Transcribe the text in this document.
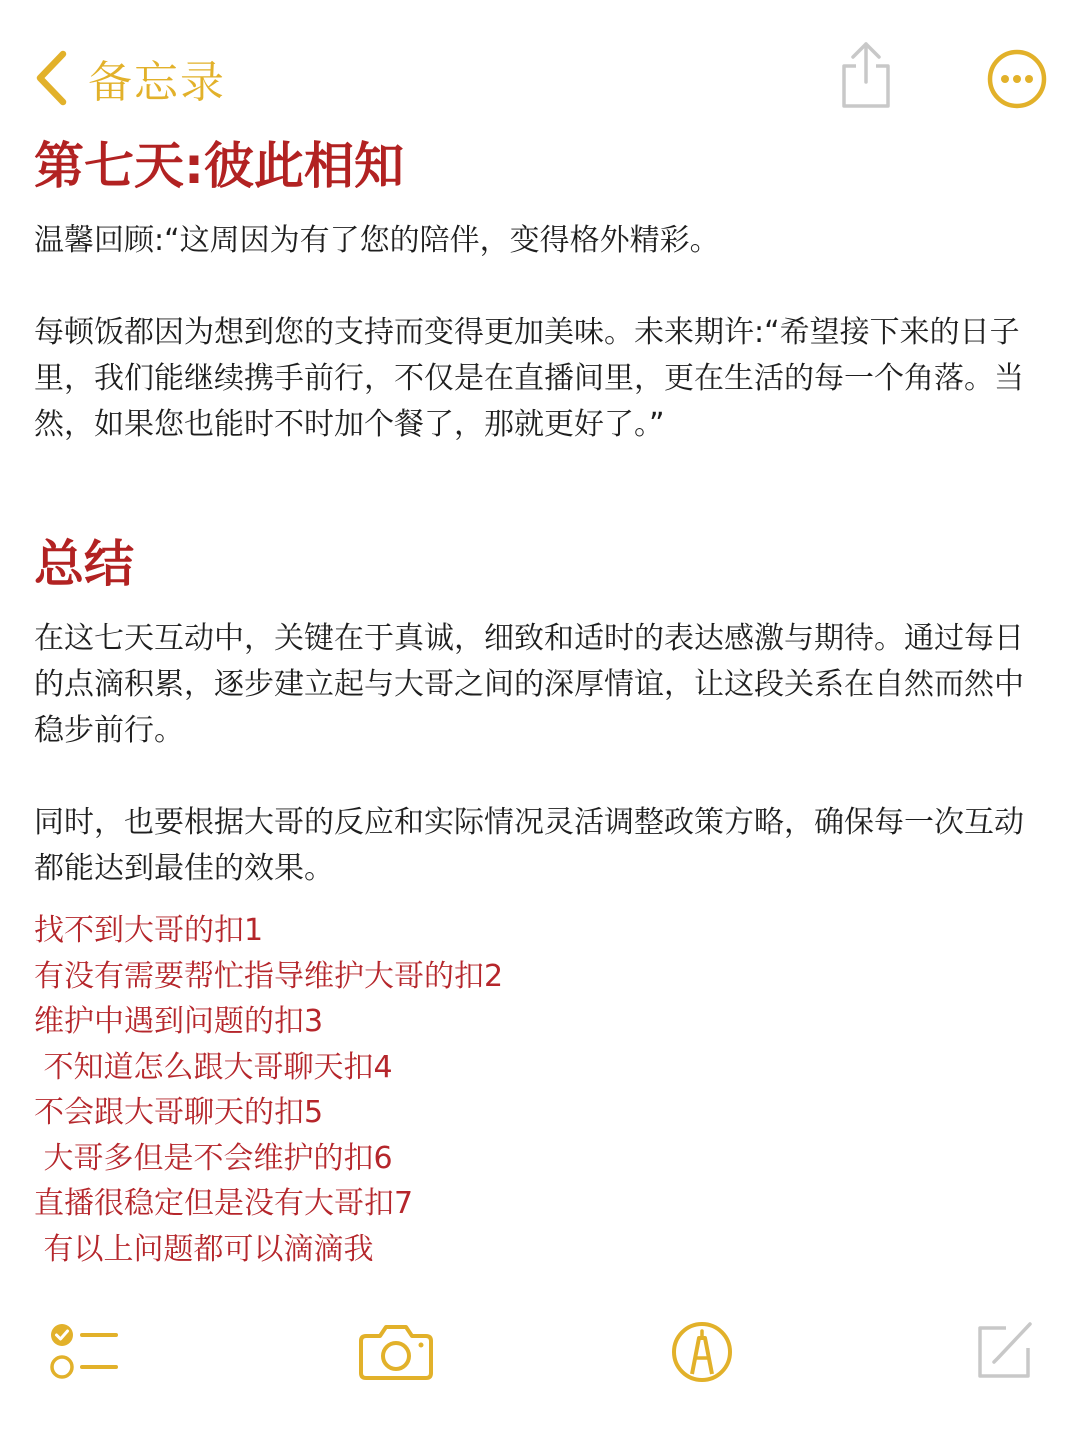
备忘录
第七天:彼此相知

温馨回顾:“这周因为有了您的陪伴，变得格外精彩。

每顿饭都因为想到您的支持而变得更加美味。未来期许:“希望接下来的日子里，我们能继续携手前行，不仅是在直播间里，更在生活的每一个角落。当然，如果您也能时不时加个餐了，那就更好了。”

总结

在这七天互动中，关键在于真诚，细致和适时的表达感激与期待。通过每日的点滴积累，逐步建立起与大哥之间的深厚情谊，让这段关系在自然而然中稳步前行。

同时，也要根据大哥的反应和实际情况灵活调整政策方略，确保每一次互动都能达到最佳的效果。

找不到大哥的扣1
有没有需要帮忙指导维护大哥的扣2
维护中遇到问题的扣3
不知道怎么跟大哥聊天扣4
不会跟大哥聊天的扣5
大哥多但是不会维护的扣6
直播很稳定但是没有大哥扣7
有以上问题都可以滴滴我
